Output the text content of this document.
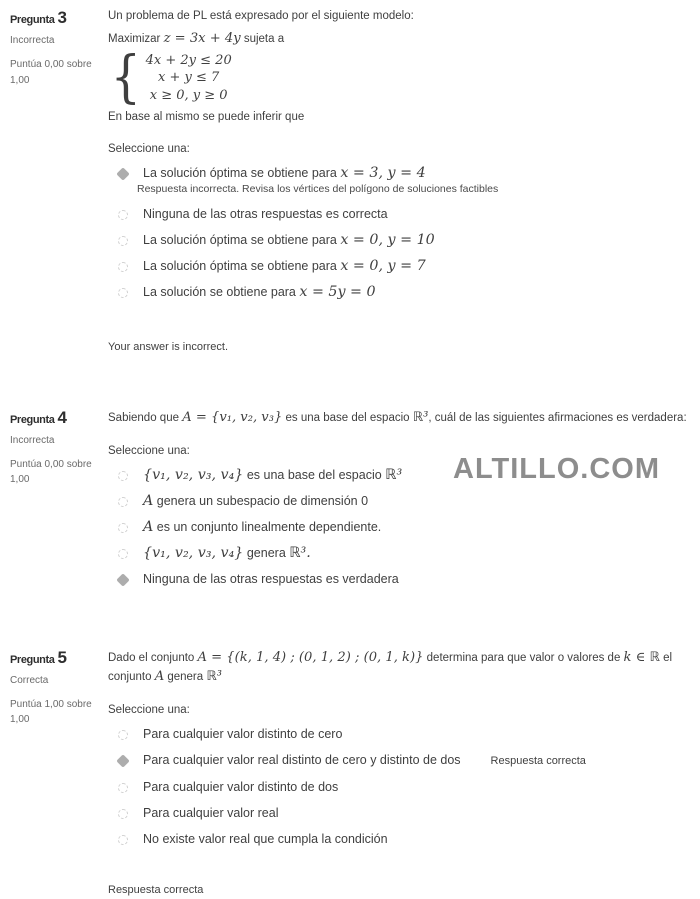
Pregunta 3
Incorrecta
Puntúa 0,00 sobre 1,00

Un problema de PL está expresado por el siguiente modelo:

Maximizar z = 3x + 4y sujeta a

{ 4x + 2y ≤ 20
x + y ≤ 7
x ≥ 0, y ≥ 0

En base al mismo se puede inferir que

Seleccione una:

La solución óptima se obtiene para x = 3, y = 4
Respuesta incorrecta. Revisa los vértices del polígono de soluciones factibles
Ninguna de las otras respuestas es correcta
La solución óptima se obtiene para x = 0, y = 10
La solución óptima se obtiene para x = 0, y = 7
La solución se obtiene para x = 5y = 0

Your answer is incorrect.

Pregunta 4
Incorrecta
Puntúa 0,00 sobre 1,00

Sabiendo que A = {v₁, v₂, v₃} es una base del espacio ℝ³, cuál de las siguientes afirmaciones es verdadera:

Seleccione una:

{v₁, v₂, v₃, v₄} es una base del espacio ℝ³
A genera un subespacio de dimensión 0
A es un conjunto linealmente dependiente.
{v₁, v₂, v₃, v₄} genera ℝ³.
Ninguna de las otras respuestas es verdadera
Pregunta 5
Correcta
Puntúa 1,00 sobre 1,00

Dado el conjunto A = {(k, 1, 4) ; (0, 1, 2) ; (0, 1, k)} determina para que valor o valores de k ∈ ℝ el conjunto A genera ℝ³

Seleccione una:

Para cualquier valor distinto de cero
Para cualquier valor real distinto de cero y distinto de dos	Respuesta correcta
Para cualquier valor distinto de dos
Para cualquier valor real
No existe valor real que cumpla la condición

Respuesta correcta

ALTILLO.COM
